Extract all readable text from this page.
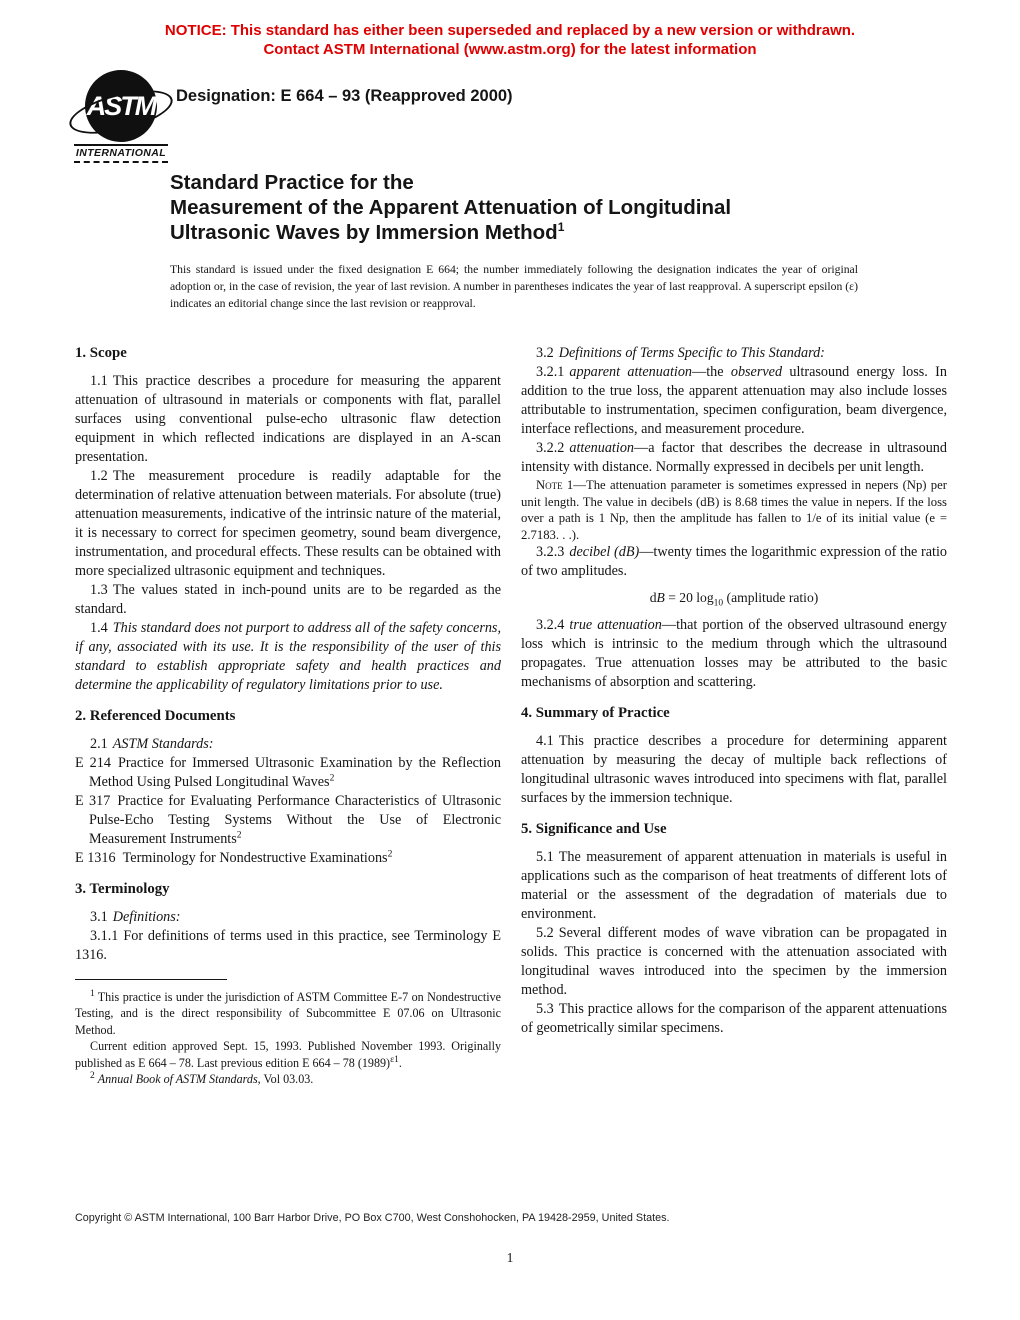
NOTICE: This standard has either been superseded and replaced by a new version or withdrawn.
Contact ASTM International (www.astm.org) for the latest information
ASTM
INTERNATIONAL
Designation: E 664 – 93 (Reapproved 2000)
Standard Practice for the
Measurement of the Apparent Attenuation of Longitudinal
Ultrasonic Waves by Immersion Method$^1$
This standard is issued under the fixed designation E 664; the number immediately following the designation indicates the year of original adoption or, in the case of revision, the year of last revision. A number in parentheses indicates the year of last reapproval. A superscript epsilon (ε) indicates an editorial change since the last revision or reapproval.
1. Scope

1.1 This practice describes a procedure for measuring the apparent attenuation of ultrasound in materials or components with flat, parallel surfaces using conventional pulse-echo ultrasonic flaw detection equipment in which reflected indications are displayed in an A-scan presentation.

1.2 The measurement procedure is readily adaptable for the determination of relative attenuation between materials. For absolute (true) attenuation measurements, indicative of the intrinsic nature of the material, it is necessary to correct for specimen geometry, sound beam divergence, instrumentation, and procedural effects. These results can be obtained with more specialized ultrasonic equipment and techniques.

1.3 The values stated in inch-pound units are to be regarded as the standard.

1.4 This standard does not purport to address all of the safety concerns, if any, associated with its use. It is the responsibility of the user of this standard to establish appropriate safety and health practices and determine the applicability of regulatory limitations prior to use.

2. Referenced Documents

2.1 ASTM Standards:

E 214 Practice for Immersed Ultrasonic Examination by the Reflection Method Using Pulsed Longitudinal Waves$^2$

E 317 Practice for Evaluating Performance Characteristics of Ultrasonic Pulse-Echo Testing Systems Without the Use of Electronic Measurement Instruments$^2$

E 1316 Terminology for Nondestructive Examinations$^2$

3. Terminology

3.1 Definitions:

3.1.1 For definitions of terms used in this practice, see Terminology E 1316.

$^1$ This practice is under the jurisdiction of ASTM Committee E-7 on Nondestructive Testing, and is the direct responsibility of Subcommittee E 07.06 on Ultrasonic Method.

Current edition approved Sept. 15, 1993. Published November 1993. Originally published as E 664 – 78. Last previous edition E 664 – 78 $(1989)^{\varepsilon 1}$.

$^2$ Annual Book of ASTM Standards, Vol 03.03.

3.2 Definitions of Terms Specific to This Standard:

3.2.1 apparent attenuation—the observed ultrasound energy loss. In addition to the true loss, the apparent attenuation may also include losses attributable to instrumentation, specimen configuration, beam divergence, interface reflections, and measurement procedure.

3.2.2 attenuation—a factor that describes the decrease in ultrasound intensity with distance. Normally expressed in decibels per unit length.

Note 1—The attenuation parameter is sometimes expressed in nepers (Np) per unit length. The value in decibels (dB) is 8.68 times the value in nepers. If the loss over a path is 1 Np, then the amplitude has fallen to 1/e of its initial value (e = 2.7183. . .).

3.2.3 decibel (dB)—twenty times the logarithmic expression of the ratio of two amplitudes.

dB = 20 $\log_{10}$ (amplitude ratio)

3.2.4 true attenuation—that portion of the observed ultrasound energy loss which is intrinsic to the medium through which the ultrasound propagates. True attenuation losses may be attributed to the basic mechanisms of absorption and scattering.

4. Summary of Practice

4.1 This practice describes a procedure for determining apparent attenuation by measuring the decay of multiple back reflections of longitudinal ultrasonic waves introduced into specimens with flat, parallel surfaces by the immersion technique.

5. Significance and Use

5.1 The measurement of apparent attenuation in materials is useful in applications such as the comparison of heat treatments of different lots of material or the assessment of the degradation of materials due to environment.

5.2 Several different modes of wave vibration can be propagated in solids. This practice is concerned with the attenuation associated with longitudinal waves introduced into the specimen by the immersion method.

5.3 This practice allows for the comparison of the apparent attenuations of geometrically similar specimens.

Copyright © ASTM International, 100 Barr Harbor Drive, PO Box C700, West Conshohocken, PA 19428-2959, United States.
1
